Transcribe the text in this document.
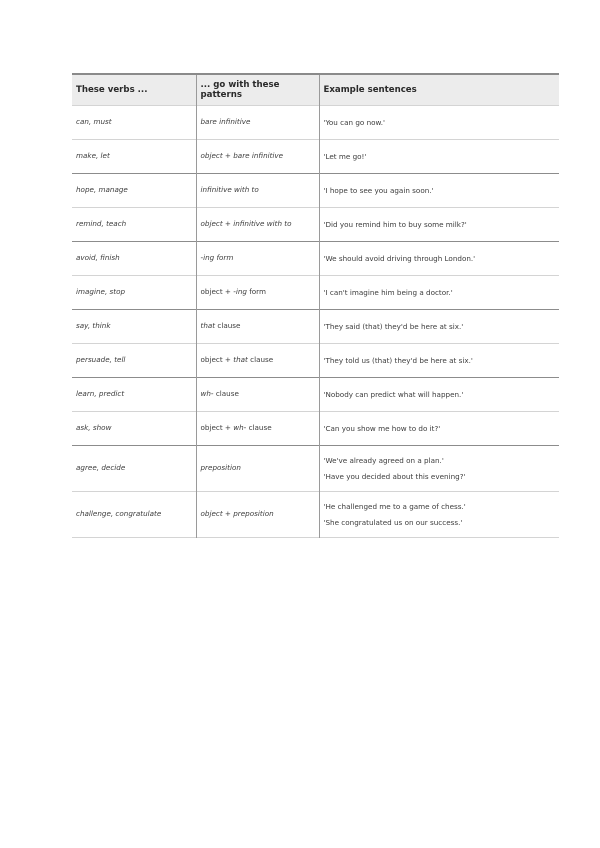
These verbs ...	... go with these patterns	Example sentences
can, must	bare infinitive	'You can go now.'

make, let	object + bare infinitive	'Let me go!'

hope, manage	infinitive with to	'I hope to see you again soon.'

remind, teach	object + infinitive with to	'Did you remind him to buy some milk?'

avoid, finish	-ing form	'We should avoid driving through London.'

imagine, stop	object + -ing form	'I can't imagine him being a doctor.'

say, think	that clause	'They said (that) they'd be here at six.'

persuade, tell	object + that clause	'They told us (that) they'd be here at six.'

learn, predict	wh- clause	'Nobody can predict what will happen.'

ask, show	object + wh- clause	'Can you show me how to do it?'

agree, decide	preposition	'We've already agreed on a plan.'
'Have you decided about this evening?'

challenge, congratulate	object + preposition	'He challenged me to a game of chess.'
'She congratulated us on our success.'
